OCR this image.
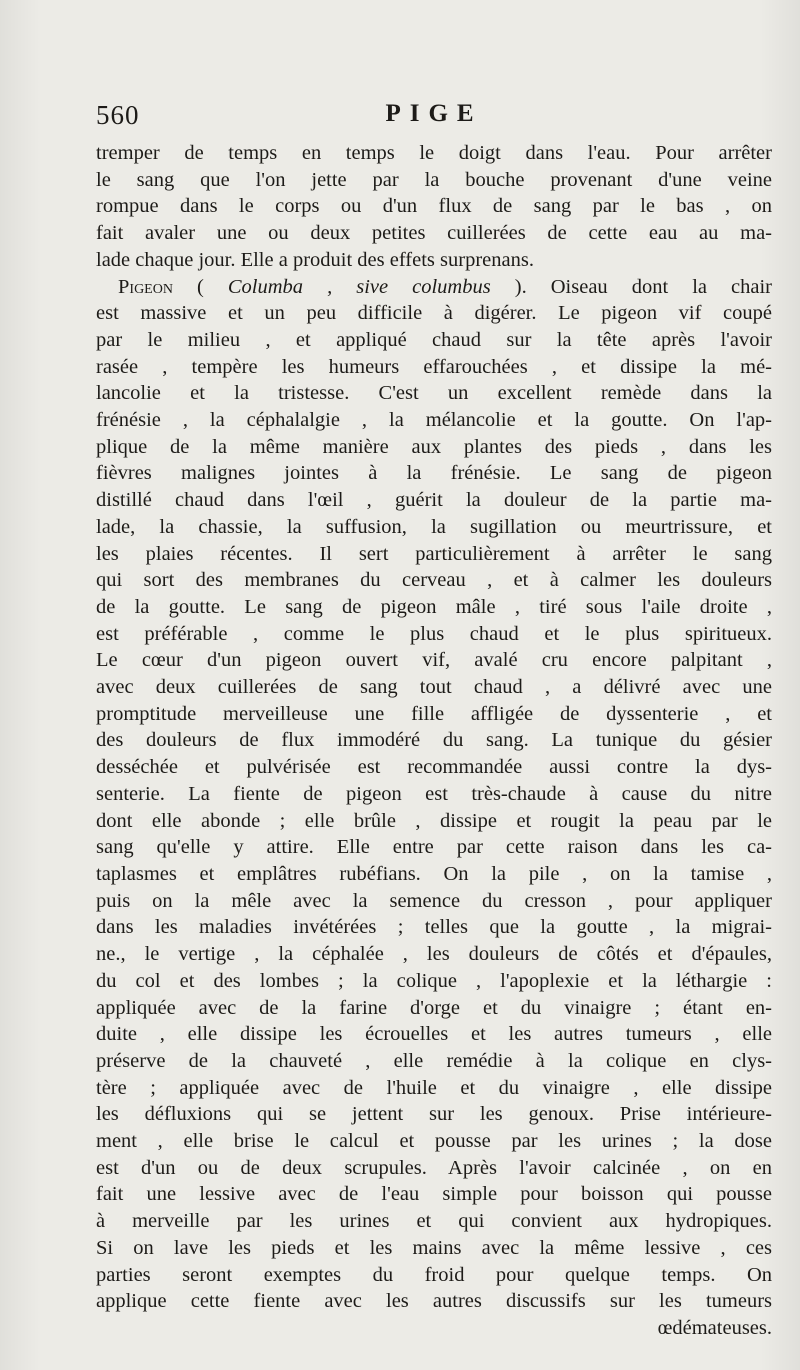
560	PIGE
tremper de temps en temps le doigt dans l'eau. Pour arrêter
le sang que l'on jette par la bouche provenant d'une veine
rompue dans le corps ou d'un flux de sang par le bas , on
fait avaler une ou deux petites cuillerées de cette eau au ma-
lade chaque jour. Elle a produit des effets surprenans.
Pigeon ( Columba , sive columbus ). Oiseau dont la chair
est massive et un peu difficile à digérer. Le pigeon vif coupé
par le milieu , et appliqué chaud sur la tête après l'avoir
rasée , tempère les humeurs effarouchées , et dissipe la mé-
lancolie et la tristesse. C'est un excellent remède dans la
frénésie , la céphalalgie , la mélancolie et la goutte. On l'ap-
plique de la même manière aux plantes des pieds , dans les
fièvres malignes jointes à la frénésie. Le sang de pigeon
distillé chaud dans l'œil , guérit la douleur de la partie ma-
lade, la chassie, la suffusion, la sugillation ou meurtrissure, et
les plaies récentes. Il sert particulièrement à arrêter le sang
qui sort des membranes du cerveau , et à calmer les douleurs
de la goutte. Le sang de pigeon mâle , tiré sous l'aile droite ,
est préférable , comme le plus chaud et le plus spiritueux.
Le cœur d'un pigeon ouvert vif, avalé cru encore palpitant ,
avec deux cuillerées de sang tout chaud , a délivré avec une
promptitude merveilleuse une fille affligée de dyssenterie , et
des douleurs de flux immodéré du sang. La tunique du gésier
desséchée et pulvérisée est recommandée aussi contre la dys-
senterie. La fiente de pigeon est très-chaude à cause du nitre
dont elle abonde ; elle brûle , dissipe et rougit la peau par le
sang qu'elle y attire. Elle entre par cette raison dans les ca-
taplasmes et emplâtres rubéfians. On la pile , on la tamise ,
puis on la mêle avec la semence du cresson , pour appliquer
dans les maladies invétérées ; telles que la goutte , la migrai-
ne., le vertige , la céphalée , les douleurs de côtés et d'épaules,
du col et des lombes ; la colique , l'apoplexie et la léthargie :
appliquée avec de la farine d'orge et du vinaigre ; étant en-
duite , elle dissipe les écrouelles et les autres tumeurs , elle
préserve de la chauveté , elle remédie à la colique en clys-
tère ; appliquée avec de l'huile et du vinaigre , elle dissipe
les défluxions qui se jettent sur les genoux. Prise intérieure-
ment , elle brise le calcul et pousse par les urines ; la dose
est d'un ou de deux scrupules. Après l'avoir calcinée , on en
fait une lessive avec de l'eau simple pour boisson qui pousse
à merveille par les urines et qui convient aux hydropiques.
Si on lave les pieds et les mains avec la même lessive , ces
parties seront exemptes du froid pour quelque temps. On
applique cette fiente avec les autres discussifs sur les tumeurs
œdémateuses.
